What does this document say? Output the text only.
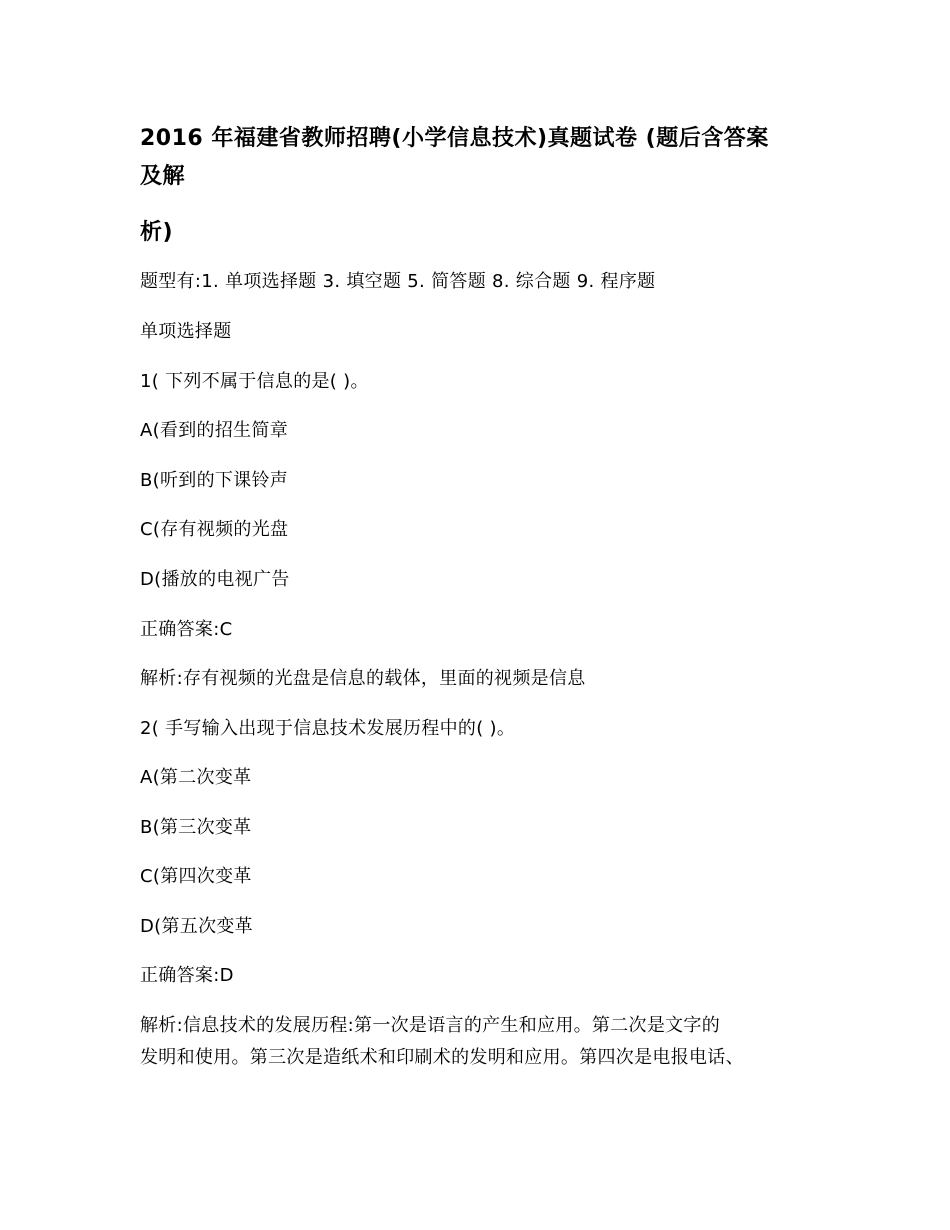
2016 年福建省教师招聘(小学信息技术)真题试卷 (题后含答案
及解
析)
题型有:1. 单项选择题 3. 填空题 5. 简答题 8. 综合题 9. 程序题
单项选择题
1( 下列不属于信息的是( )。
A(看到的招生简章
B(听到的下课铃声
C(存有视频的光盘
D(播放的电视广告
正确答案:C
解析:存有视频的光盘是信息的载体，里面的视频是信息
2( 手写输入出现于信息技术发展历程中的( )。
A(第二次变革
B(第三次变革
C(第四次变革
D(第五次变革
正确答案:D
解析:信息技术的发展历程:第一次是语言的产生和应用。第二次是文字的
发明和使用。第三次是造纸术和印刷术的发明和应用。第四次是电报电话、
